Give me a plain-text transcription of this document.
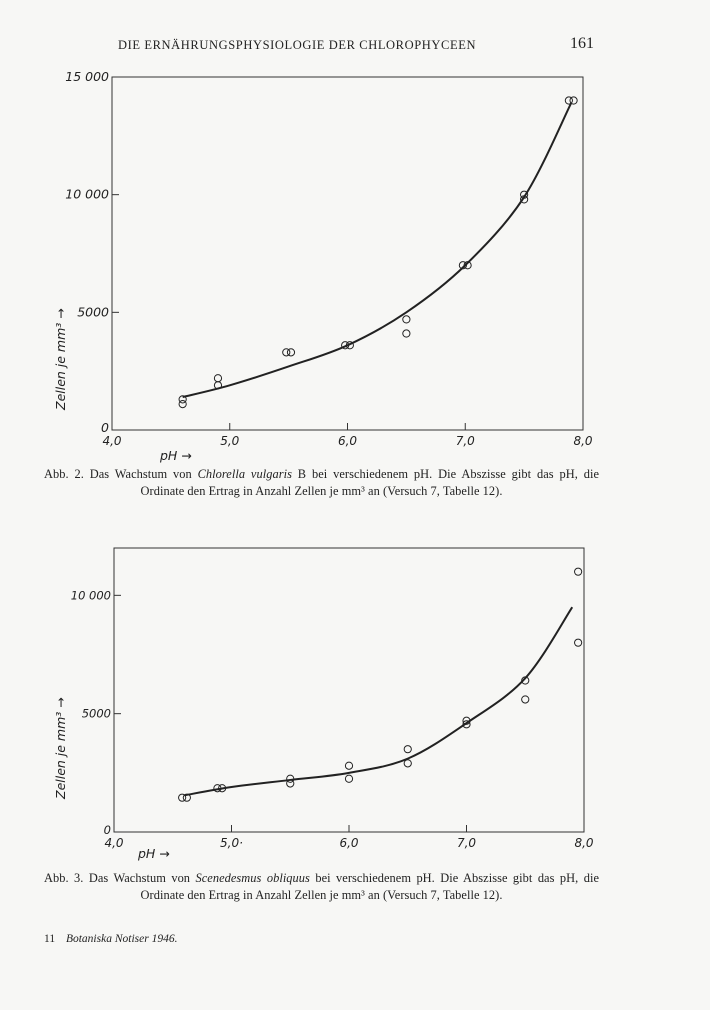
DIE ERNÄHRUNGSPHYSIOLOGIE DER CHLOROPHYCEEN	161
4,0	5,0	6,0	7,0	8,0
0
5000
10 000
15 000
pH →
Zellen je mm³ →
Abb. 2. Das Wachstum von Chlorella vulgaris B bei verschiedenem pH. Die Abszisse gibt das pH, die Ordinate den Ertrag in Anzahl Zellen je mm³ an (Versuch 7, Tabelle 12).
4,0	5,0·	6,0	7,0	8,0
0
5000
10 000
pH →
Zellen je mm³ →
Abb. 3. Das Wachstum von Scenedesmus obliquus bei verschiedenem pH. Die Abszisse gibt das pH, die Ordinate den Ertrag in Anzahl Zellen je mm³ an (Versuch 7, Tabelle 12).
11 Botaniska Notiser 1946.
